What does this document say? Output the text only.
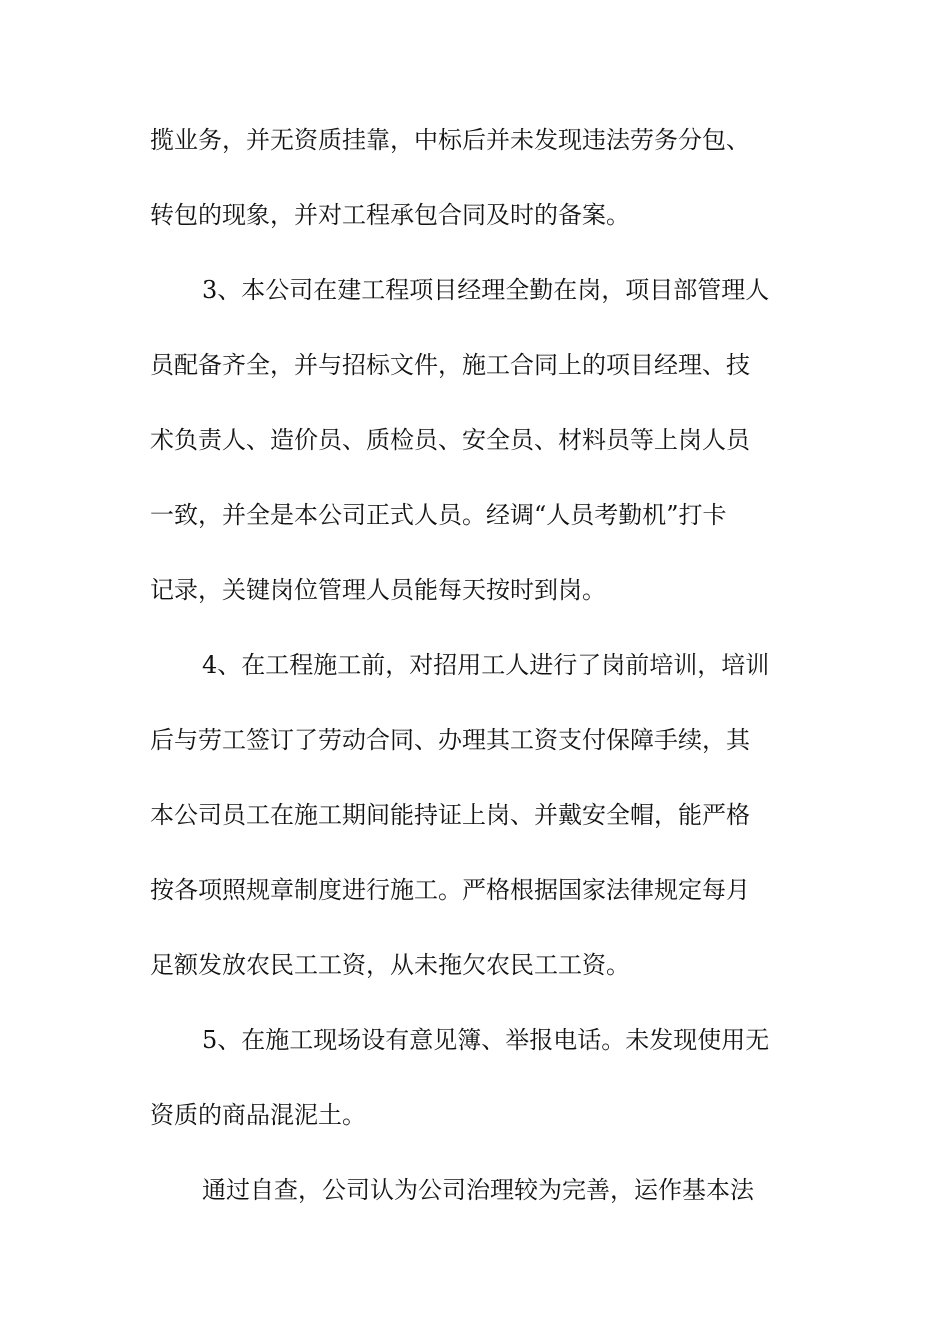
揽业务，并无资质挂靠，中标后并未发现违法劳务分包、
转包的现象，并对工程承包合同及时的备案。
3、本公司在建工程项目经理全勤在岗，项目部管理人
员配备齐全，并与招标文件，施工合同上的项目经理、技
术负责人、造价员、质检员、安全员、材料员等上岗人员
一致，并全是本公司正式人员。经调“人员考勤机”打卡
记录，关键岗位管理人员能每天按时到岗。
4、在工程施工前，对招用工人进行了岗前培训，培训
后与劳工签订了劳动合同、办理其工资支付保障手续，其
本公司员工在施工期间能持证上岗、并戴安全帽，能严格
按各项照规章制度进行施工。严格根据国家法律规定每月
足额发放农民工工资，从未拖欠农民工工资。
5、在施工现场设有意见簿、举报电话。未发现使用无
资质的商品混泥土。
通过自查，公司认为公司治理较为完善，运作基本法
